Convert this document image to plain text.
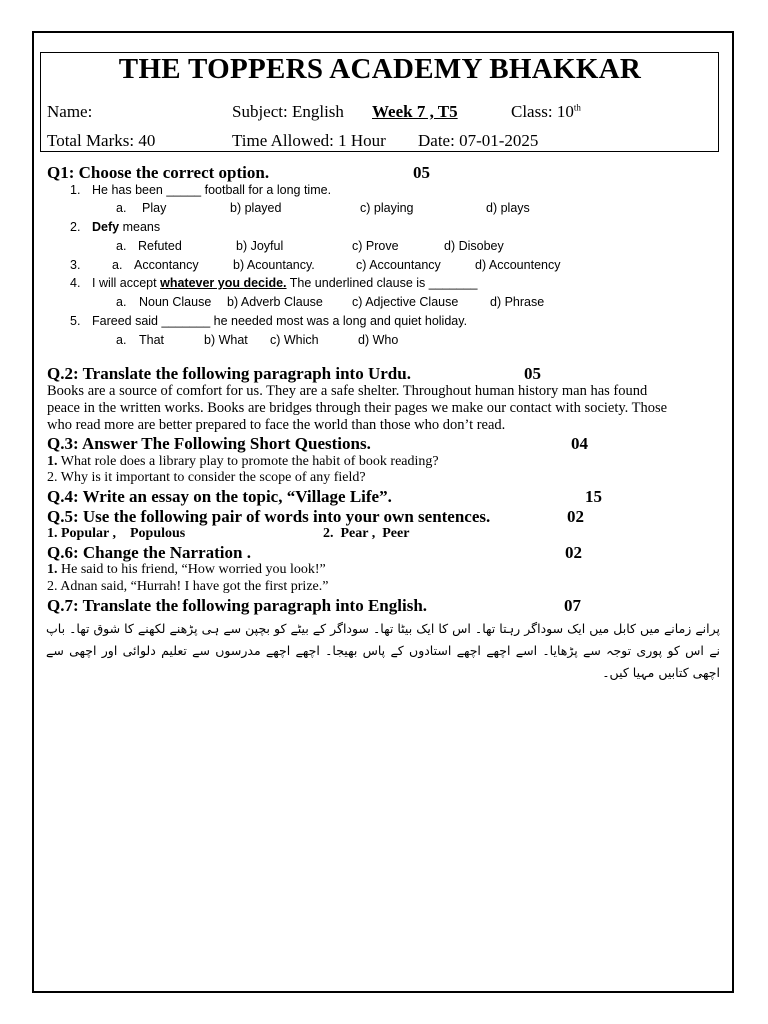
THE TOPPERS ACADEMY BHAKKAR
Name:	Subject: English Week 7 , T5	Class: 10th
Total Marks: 40	Time Allowed: 1 Hour Date: 07-01-2025
Q1: Choose the correct option.	05
1. He has been _____ football for a long time.
a. Play	b) played	c) playing	d) plays
2. Defy means
a. Refuted	b) Joyful	c) Prove	d) Disobey
3.	a. Accontancy	b) Acountancy.	c) Accountancy	d) Accountency
4. I will accept whatever you decide. The underlined clause is _______
a. Noun Clause b) Adverb Clause c) Adjective Clause	d) Phrase
5. Fareed said _______ he needed most was a long and quiet holiday.
a. That	b) What c) Which	d) Who
Q.2: Translate the following paragraph into Urdu.	05
Books are a source of comfort for us. They are a safe shelter. Throughout human history man has found
peace in the written works. Books are bridges through their pages we make our contact with society. Those
who read more are better prepared to face the world than those who don’t read.
Q.3: Answer The Following Short Questions.	04
1. What role does a library play to promote the habit of book reading?
2. Why is it important to consider the scope of any field?
Q.4: Write an essay on the topic, “Village Life”.	15
Q.5: Use the following pair of words into your own sentences.	02
1. Popular ,    Populous	2.  Pear ,  Peer
Q.6: Change the Narration .	02
1. He said to his friend, “How worried you look!”
2. Adnan said, “Hurrah! I have got the first prize.”
Q.7: Translate the following paragraph into English.	07
پرانے زمانے میں کابل میں ایک سوداگر رہتا تھا۔ اس کا ایک بیٹا تھا۔ سوداگر کے بیٹے کو بچپن سے ہی پڑھنے لکھنے کا شوق تھا۔ باپ نے اس کو پوری توجہ سے پڑھایا۔ اسے اچھے اچھے استادوں کے پاس بھیجا۔ اچھے اچھے مدرسوں سے تعلیم دلوائی اور اچھی سے اچھی کتابیں مہیا کیں۔
